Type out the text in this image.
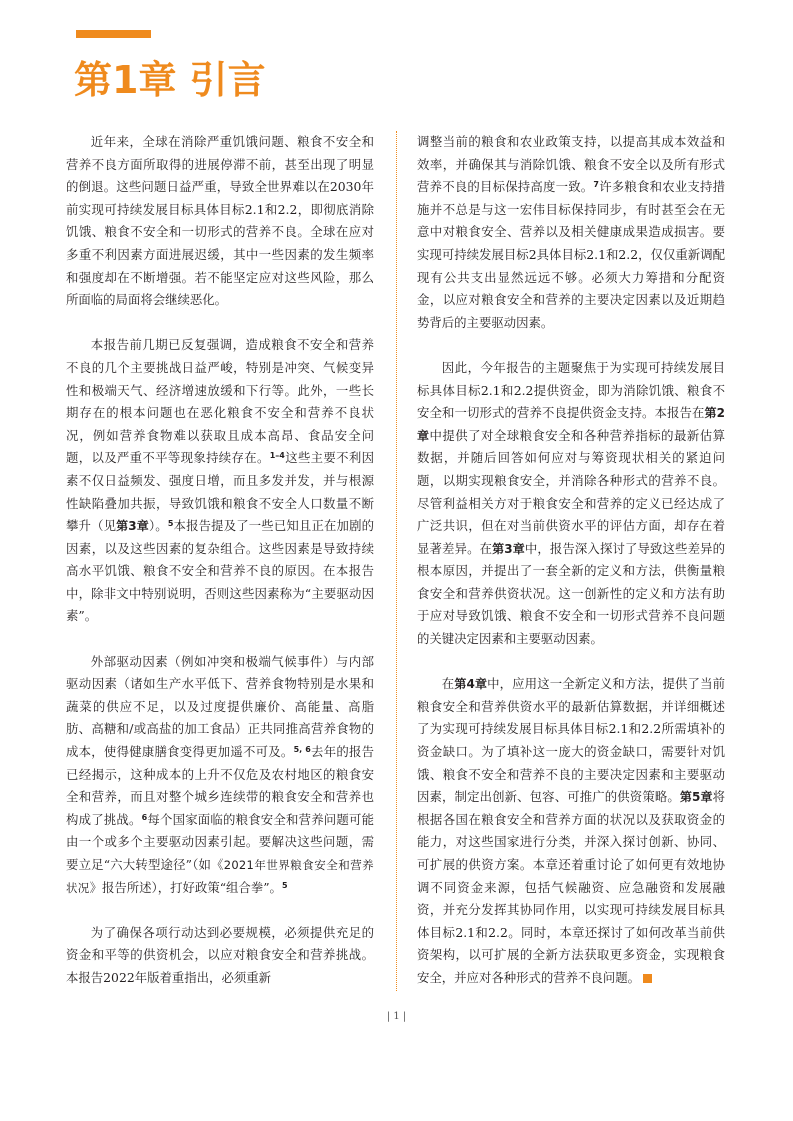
第1章 引言

近年来，全球在消除严重饥饿问题、粮食不安全和营养不良方面所取得的进展停滞不前，甚至出现了明显的倒退。这些问题日益严重，导致全世界难以在2030年前实现可持续发展目标具体目标2.1和2.2，即彻底消除饥饿、粮食不安全和一切形式的营养不良。全球在应对多重不利因素方面进展迟缓，其中一些因素的发生频率和强度却在不断增强。若不能坚定应对这些风险，那么所面临的局面将会继续恶化。

本报告前几期已反复强调，造成粮食不安全和营养不良的几个主要挑战日益严峻，特别是冲突、气候变异性和极端天气、经济增速放缓和下行等。此外，一些长期存在的根本问题也在恶化粮食不安全和营养不良状况，例如营养食物难以获取且成本高昂、食品安全问题，以及严重不平等现象持续存在。$^{1-4}$这些主要不利因素不仅日益频发、强度日增，而且多发并发，并与根源性缺陷叠加共振，导致饥饿和粮食不安全人口数量不断攀升（见第3章）。$^5$本报告提及了一些已知且正在加剧的因素，以及这些因素的复杂组合。这些因素是导致持续高水平饥饿、粮食不安全和营养不良的原因。在本报告中，除非文中特别说明，否则这些因素称为“主要驱动因素”。

外部驱动因素（例如冲突和极端气候事件）与内部驱动因素（诸如生产水平低下、营养食物特别是水果和蔬菜的供应不足，以及过度提供廉价、高能量、高脂肪、高糖和/或高盐的加工食品）正共同推高营养食物的成本，使得健康膳食变得更加遥不可及。$^{5, 6}$去年的报告已经揭示，这种成本的上升不仅危及农村地区的粮食安全和营养，而且对整个城乡连续带的粮食安全和营养也构成了挑战。$^6$每个国家面临的粮食安全和营养问题可能由一个或多个主要驱动因素引起。要解决这些问题，需要立足“六大转型途径”（如《2021年世界粮食安全和营养状况》报告所述），打好政策“组合拳”。$^5$

为了确保各项行动达到必要规模，必须提供充足的资金和平等的供资机会，以应对粮食安全和营养挑战。本报告2022年版着重指出，必须重新

调整当前的粮食和农业政策支持，以提高其成本效益和效率，并确保其与消除饥饿、粮食不安全以及所有形式营养不良的目标保持高度一致。$^7$许多粮食和农业支持措施并不总是与这一宏伟目标保持同步，有时甚至会在无意中对粮食安全、营养以及相关健康成果造成损害。要实现可持续发展目标2具体目标2.1和2.2，仅仅重新调配现有公共支出显然远远不够。必须大力筹措和分配资金，以应对粮食安全和营养的主要决定因素以及近期趋势背后的主要驱动因素。

因此，今年报告的主题聚焦于为实现可持续发展目标具体目标2.1和2.2提供资金，即为消除饥饿、粮食不安全和一切形式的营养不良提供资金支持。本报告在第2章中提供了对全球粮食安全和各种营养指标的最新估算数据，并随后回答如何应对与筹资现状相关的紧迫问题，以期实现粮食安全，并消除各种形式的营养不良。尽管利益相关方对于粮食安全和营养的定义已经达成了广泛共识，但在对当前供资水平的评估方面，却存在着显著差异。在第3章中，报告深入探讨了导致这些差异的根本原因，并提出了一套全新的定义和方法，供衡量粮食安全和营养供资状况。这一创新性的定义和方法有助于应对导致饥饿、粮食不安全和一切形式营养不良问题的关键决定因素和主要驱动因素。

在第4章中，应用这一全新定义和方法，提供了当前粮食安全和营养供资水平的最新估算数据，并详细概述了为实现可持续发展目标具体目标2.1和2.2所需填补的资金缺口。为了填补这一庞大的资金缺口，需要针对饥饿、粮食不安全和营养不良的主要决定因素和主要驱动因素，制定出创新、包容、可推广的供资策略。第5章将根据各国在粮食安全和营养方面的状况以及获取资金的能力，对这些国家进行分类，并深入探讨创新、协同、可扩展的供资方案。本章还着重讨论了如何更有效地协调不同资金来源，包括气候融资、应急融资和发展融资，并充分发挥其协同作用，以实现可持续发展目标具体目标2.1和2.2。同时，本章还探讨了如何改革当前供资架构，以可扩展的全新方法获取更多资金，实现粮食安全，并应对各种形式的营养不良问题。

| 1 |
